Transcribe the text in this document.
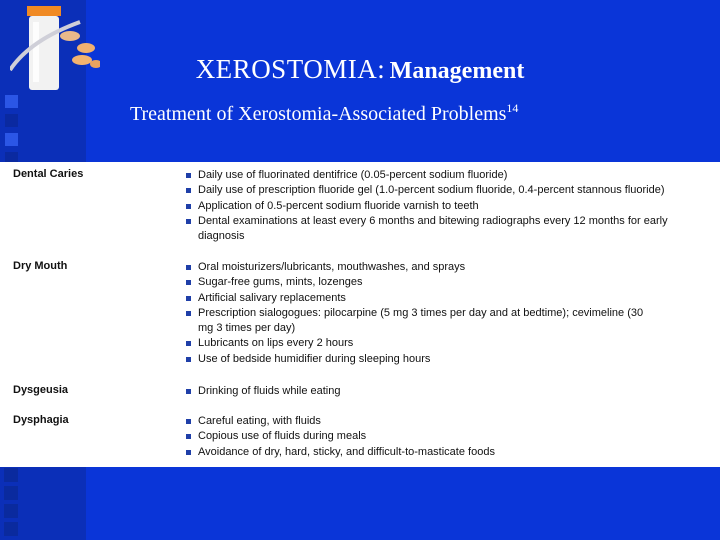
XEROSTOMIA: Management
Treatment of Xerostomia-Associated Problems$^{14}$
Dental Caries	Daily use of fluorinated dentifrice (0.05-percent sodium fluoride)
Daily use of prescription fluoride gel (1.0-percent sodium fluoride, 0.4-percent stannous fluoride)
Application of 0.5-percent sodium fluoride varnish to teeth
Dental examinations at least every 6 months and bitewing radiographs every 12 months for early diagnosis
Dry Mouth	Oral moisturizers/lubricants, mouthwashes, and sprays
Sugar-free gums, mints, lozenges
Artificial salivary replacements
Prescription sialogogues: pilocarpine (5 mg 3 times per day and at bedtime); cevimeline (30 mg 3 times per day)
Lubricants on lips every 2 hours
Use of bedside humidifier during sleeping hours
Dysgeusia	Drinking of fluids while eating
Dysphagia	Careful eating, with fluids
Copious use of fluids during meals
Avoidance of dry, hard, sticky, and difficult-to-masticate foods
